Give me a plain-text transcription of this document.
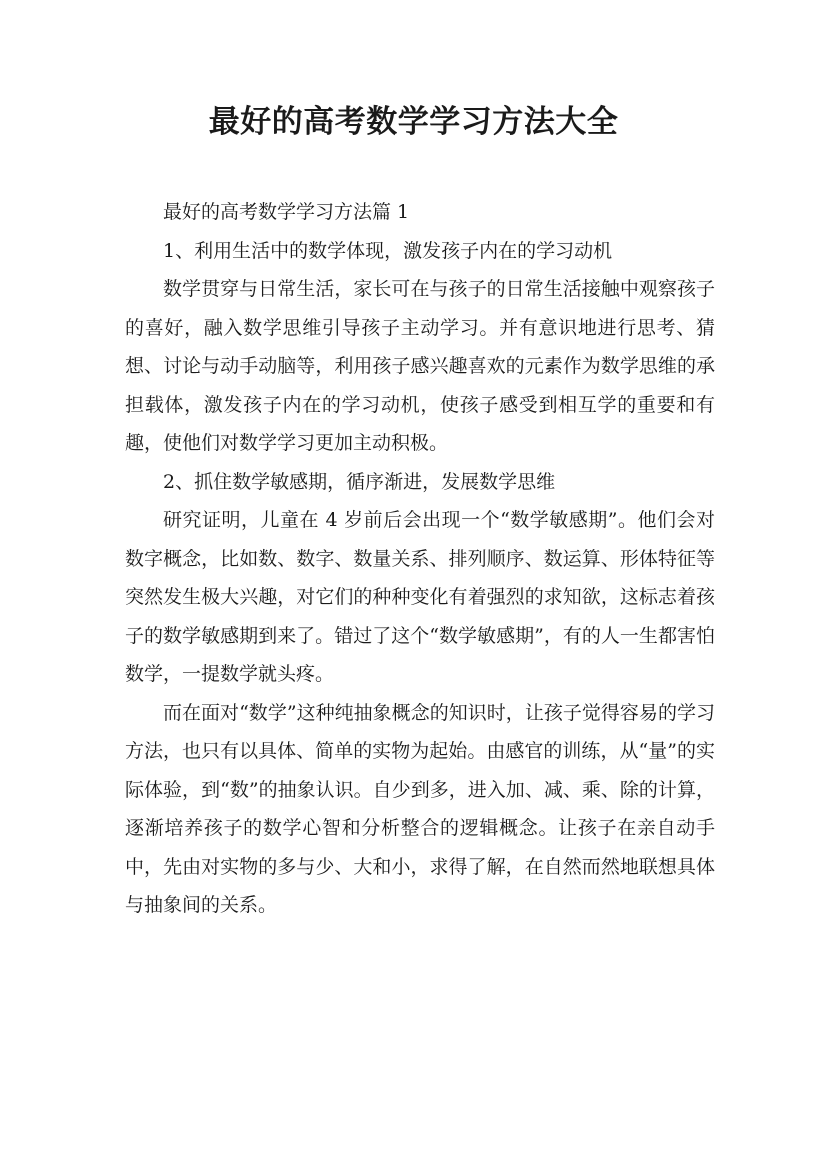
最好的高考数学学习方法大全

最好的高考数学学习方法篇 1

1、利用生活中的数学体现，激发孩子内在的学习动机

数学贯穿与日常生活，家长可在与孩子的日常生活接触中观察孩子的喜好，融入数学思维引导孩子主动学习。并有意识地进行思考、猜想、讨论与动手动脑等，利用孩子感兴趣喜欢的元素作为数学思维的承担载体，激发孩子内在的学习动机，使孩子感受到相互学的重要和有趣，使他们对数学学习更加主动积极。

2、抓住数学敏感期，循序渐进，发展数学思维

研究证明，儿童在 4 岁前后会出现一个“数学敏感期”。他们会对数字概念，比如数、数字、数量关系、排列顺序、数运算、形体特征等突然发生极大兴趣，对它们的种种变化有着强烈的求知欲，这标志着孩子的数学敏感期到来了。错过了这个“数学敏感期”，有的人一生都害怕数学，一提数学就头疼。

而在面对“数学”这种纯抽象概念的知识时，让孩子觉得容易的学习方法，也只有以具体、简单的实物为起始。由感官的训练，从“量”的实际体验，到“数”的抽象认识。自少到多，进入加、减、乘、除的计算，逐渐培养孩子的数学心智和分析整合的逻辑概念。让孩子在亲自动手中，先由对实物的多与少、大和小，求得了解，在自然而然地联想具体与抽象间的关系。
